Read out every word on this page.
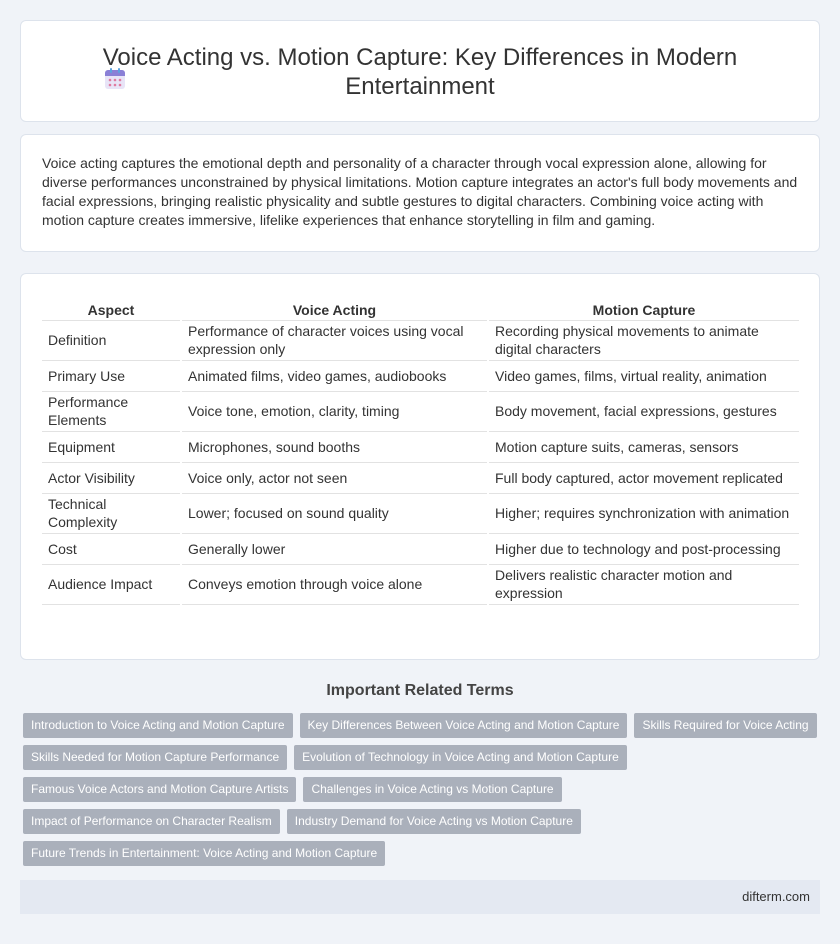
Voice Acting vs. Motion Capture: Key Differences in Modern Entertainment

Voice acting captures the emotional depth and personality of a character through vocal expression alone, allowing for diverse performances unconstrained by physical limitations. Motion capture integrates an actor's full body movements and facial expressions, bringing realistic physicality and subtle gestures to digital characters. Combining voice acting with motion capture creates immersive, lifelike experiences that enhance storytelling in film and gaming.

Aspect	Voice Acting	Motion Capture
Definition	Performance of character voices using vocal expression only	Recording physical movements to animate digital characters
Primary Use	Animated films, video games, audiobooks	Video games, films, virtual reality, animation
Performance Elements	Voice tone, emotion, clarity, timing	Body movement, facial expressions, gestures
Equipment	Microphones, sound booths	Motion capture suits, cameras, sensors
Actor Visibility	Voice only, actor not seen	Full body captured, actor movement replicated
Technical Complexity	Lower; focused on sound quality	Higher; requires synchronization with animation
Cost	Generally lower	Higher due to technology and post-processing
Audience Impact	Conveys emotion through voice alone	Delivers realistic character motion and expression
Important Related Terms
Introduction to Voice Acting and Motion Capture	Key Differences Between Voice Acting and Motion Capture	Skills Required for Voice Acting
Skills Needed for Motion Capture Performance	Evolution of Technology in Voice Acting and Motion Capture
Famous Voice Actors and Motion Capture Artists	Challenges in Voice Acting vs Motion Capture
Impact of Performance on Character Realism	Industry Demand for Voice Acting vs Motion Capture
Future Trends in Entertainment: Voice Acting and Motion Capture
difterm.com
